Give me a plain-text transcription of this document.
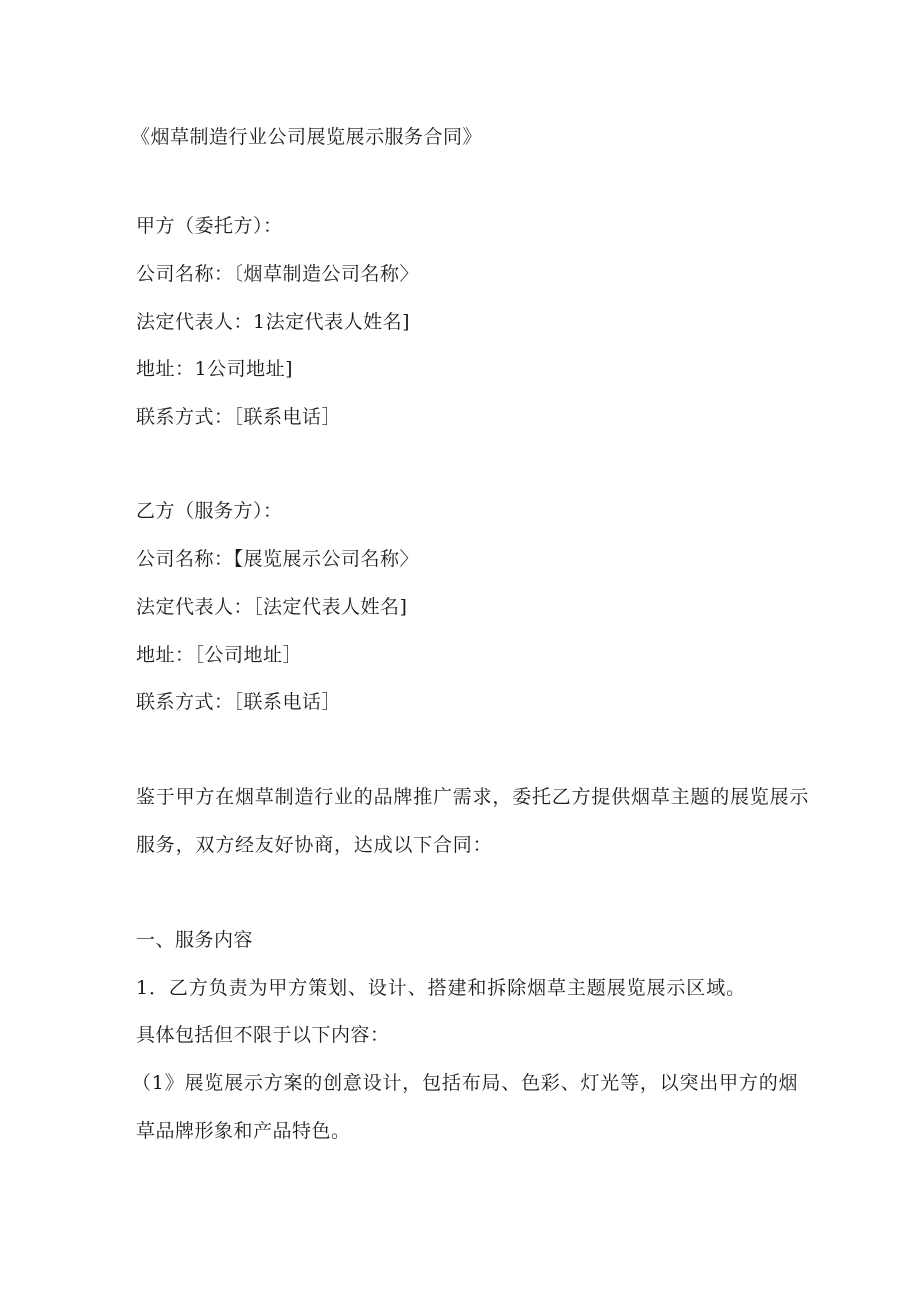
《烟草制造行业公司展览展示服务合同》
甲方（委托方）：
公司名称：〔烟草制造公司名称〉
法定代表人：1法定代表人姓名]
地址：1公司地址]
联系方式：［联系电话］
乙方（服务方）：
公司名称：【展览展示公司名称〉
法定代表人：［法定代表人姓名]
地址：［公司地址］
联系方式：［联系电话］
鉴于甲方在烟草制造行业的品牌推广需求，委托乙方提供烟草主题的展览展示
服务，双方经友好协商，达成以下合同：
一、服务内容
1．乙方负责为甲方策划、设计、搭建和拆除烟草主题展览展示区域。
具体包括但不限于以下内容：
（1》展览展示方案的创意设计，包括布局、色彩、灯光等，以突出甲方的烟
草品牌形象和产品特色。
